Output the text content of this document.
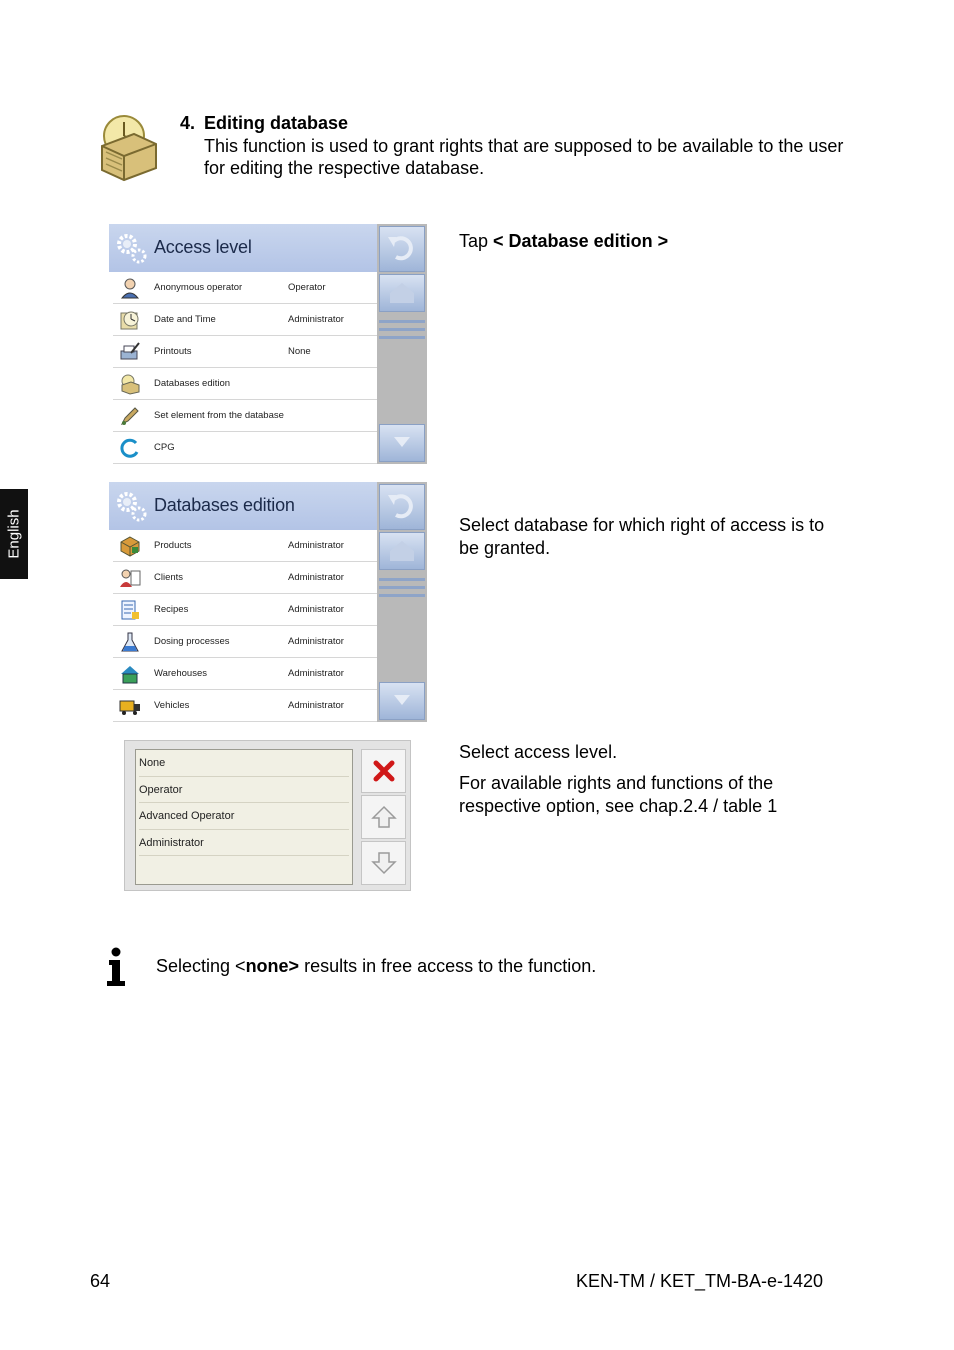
English
4. Editing database
This function is used to grant rights that are supposed to be available to the user for editing the respective database.
Access level
Anonymous operator	Operator
Date and Time	Administrator
Printouts	None
Databases edition
Set element from the database
CPG
Databases edition
Products	Administrator
Clients	Administrator
Recipes	Administrator
Dosing processes	Administrator
Warehouses	Administrator
Vehicles	Administrator
None
Operator
Advanced Operator
Administrator
Tap < Database edition >
Select database for which right of access is to be granted.
Select access level.
For available rights and functions of the respective option, see chap.2.4 / table 1
Selecting <none> results in free access to the function.
64	KEN-TM / KET_TM-BA-e-1420
